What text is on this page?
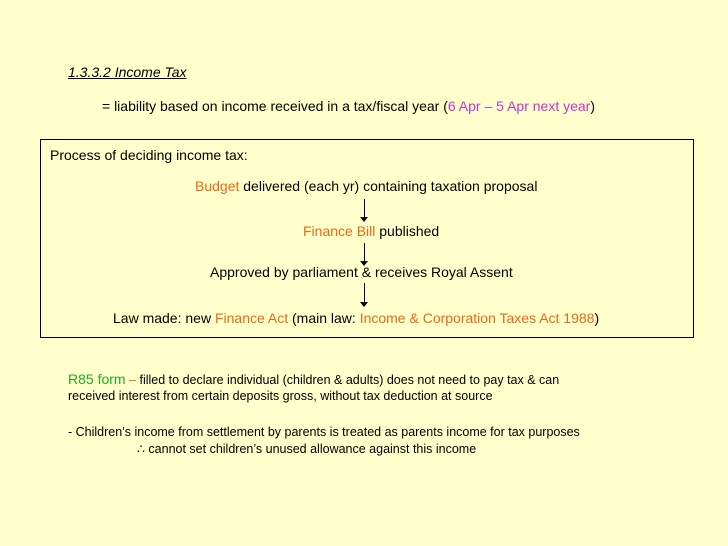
1.3.3.2 Income Tax
= liability based on income received in a tax/fiscal year (6 Apr – 5 Apr next year)
Process of deciding income tax:
Budget delivered (each yr) containing taxation proposal
Finance Bill published
Approved by parliament & receives Royal Assent
Law made: new Finance Act (main law: Income & Corporation Taxes Act 1988)
R85 form – filled to declare individual (children & adults) does not need to pay tax & can
received interest from certain deposits gross, without tax deduction at source
- Children’s income from settlement by parents is treated as parents income for tax purposes
∴ cannot set children’s unused allowance against this income
